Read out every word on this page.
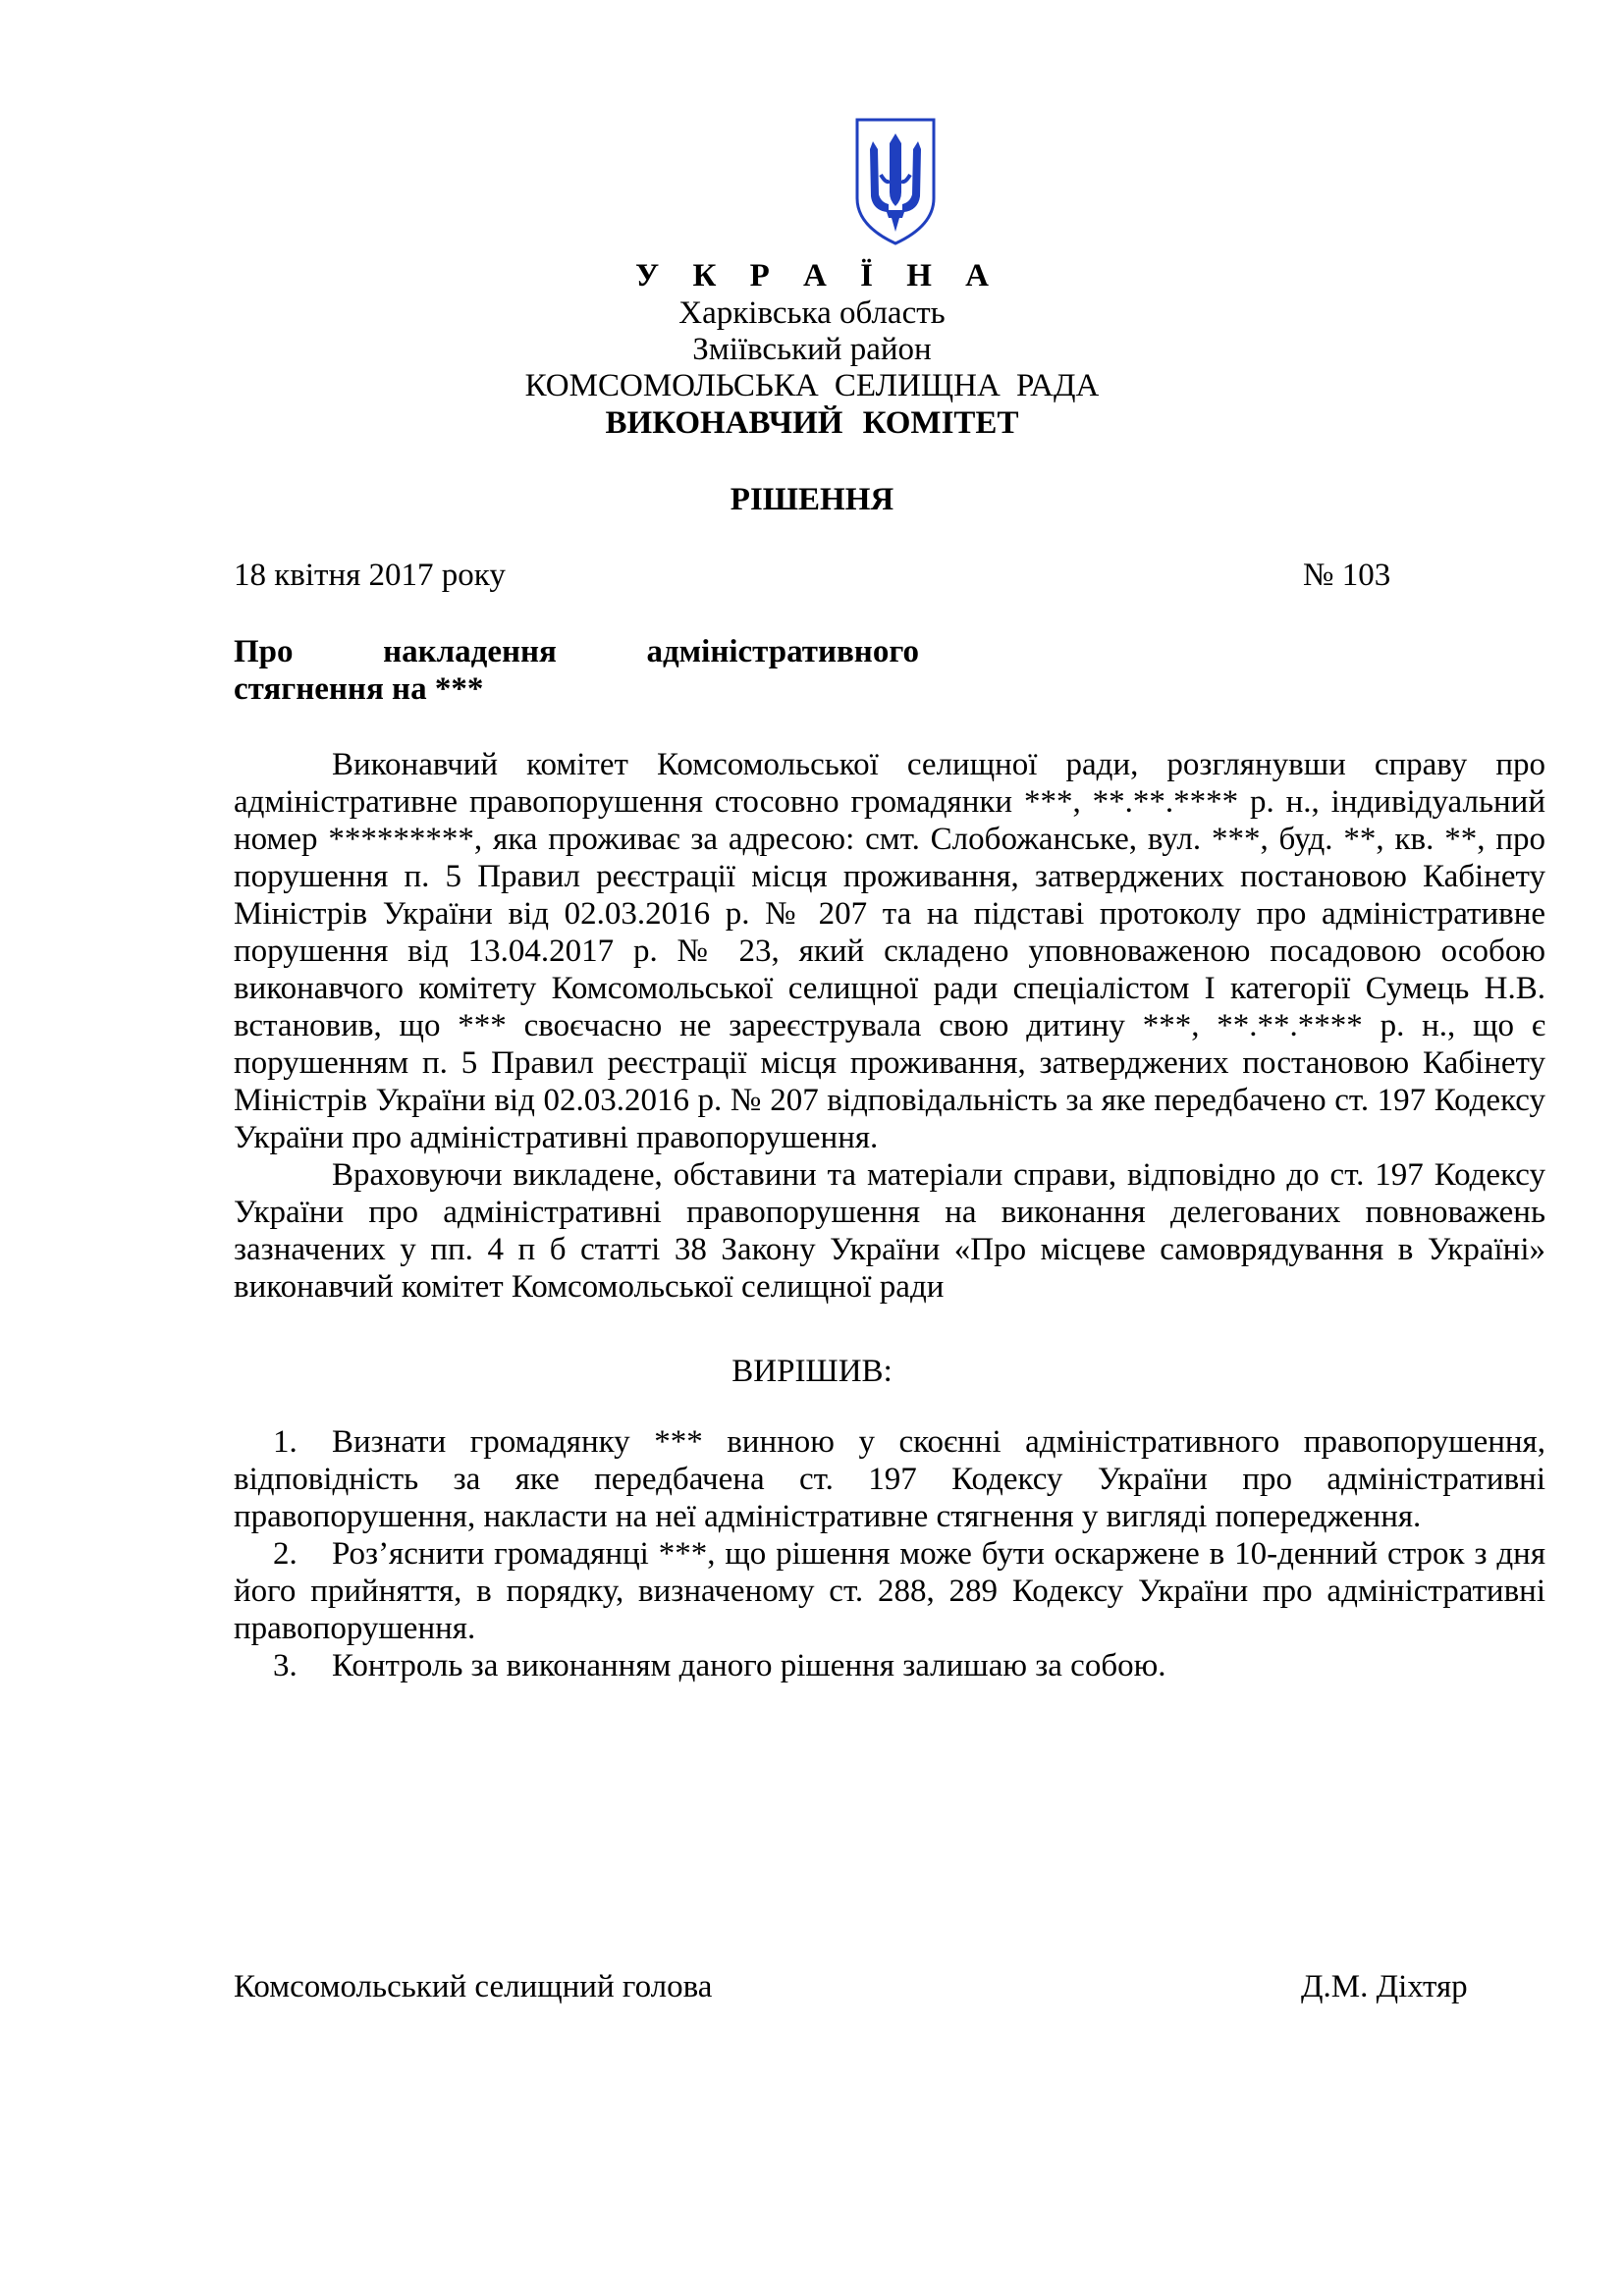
У К Р А Ї Н А
Харківська область
Зміївський район
КОМСОМОЛЬСЬКА СЕЛИЩНА РАДА
ВИКОНАВЧИЙ КОМІТЕТ
РІШЕННЯ
18 квітня 2017 року	№ 103
Про	накладення	адміністративного
стягнення на ***

Виконавчий комітет Комсомольської селищної ради, розглянувши справу про адміністративне правопорушення стосовно громадянки ***, **.**.**** р. н., індивідуальний номер *********, яка проживає за адресою: смт. Слобожанське, вул. ***, буд. **, кв. **, про порушення п. 5 Правил реєстрації місця проживання, затверджених постановою Кабінету Міністрів України від 02.03.2016 р. № 207 та на підставі протоколу про адміністративне порушення від 13.04.2017 р. № 23, який складено уповноваженою посадовою особою виконавчого комітету Комсомольської селищної ради спеціалістом І категорії Сумець Н.В. встановив, що *** своєчасно не зареєструвала свою дитину ***, **.**.**** р. н., що є порушенням п. 5 Правил реєстрації місця проживання, затверджених постановою Кабінету Міністрів України від 02.03.2016 р. № 207 відповідальність за яке передбачено ст. 197 Кодексу України про адміністративні правопорушення.

Враховуючи викладене, обставини та матеріали справи, відповідно до ст. 197 Кодексу України про адміністративні правопорушення на виконання делегованих повноважень зазначених у пп. 4 п б статті 38 Закону України «Про місцеве самоврядування в Україні» виконавчий комітет Комсомольської селищної ради

ВИРІШИВ:

1. Визнати громадянку *** винною у скоєнні адміністративного правопорушення, відповідність за яке передбачена ст. 197 Кодексу України про адміністративні правопорушення, накласти на неї адміністративне стягнення у вигляді попередження.

2. Роз’яснити громадянці ***, що рішення може бути оскаржене в 10-денний строк з дня його прийняття, в порядку, визначеному ст. 288, 289 Кодексу України про адміністративні правопорушення.

3. Контроль за виконанням даного рішення залишаю за собою.

Комсомольський селищний голова	Д.М. Діхтяр
